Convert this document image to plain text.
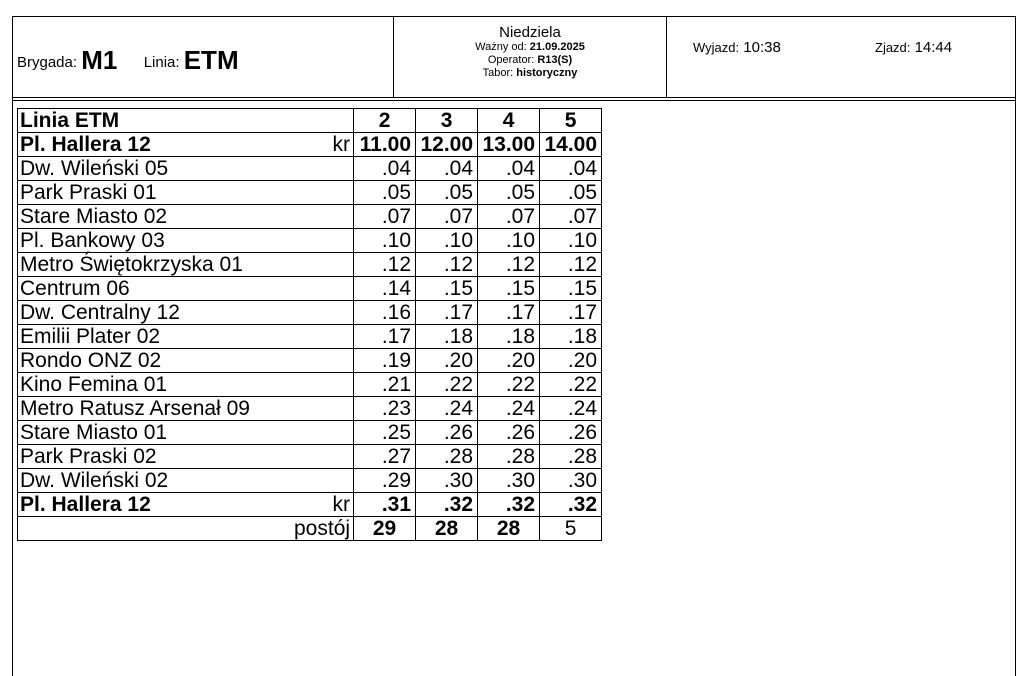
Brygada: M1 Linia: ETM
Niedziela
Ważny od: 21.09.2025
Operator: R13(S)
Tabor: historyczny
Wyjazd: 10:38	Zjazd: 14:44
Linia ETM		2	3	4	5
Pl. Hallera 12	kr	11.00	12.00	13.00	14.00
Dw. Wileński 05		.04	.04	.04	.04
Park Praski 01		.05	.05	.05	.05
Stare Miasto 02		.07	.07	.07	.07
Pl. Bankowy 03		.10	.10	.10	.10
Metro Świętokrzyska 01		.12	.12	.12	.12
Centrum 06		.14	.15	.15	.15
Dw. Centralny 12		.16	.17	.17	.17
Emilii Plater 02		.17	.18	.18	.18
Rondo ONZ 02		.19	.20	.20	.20
Kino Femina 01		.21	.22	.22	.22
Metro Ratusz Arsenał 09		.23	.24	.24	.24
Stare Miasto 01		.25	.26	.26	.26
Park Praski 02		.27	.28	.28	.28
Dw. Wileński 02		.29	.30	.30	.30
Pl. Hallera 12	kr	.31	.32	.32	.32
	postój	29	28	28	5
